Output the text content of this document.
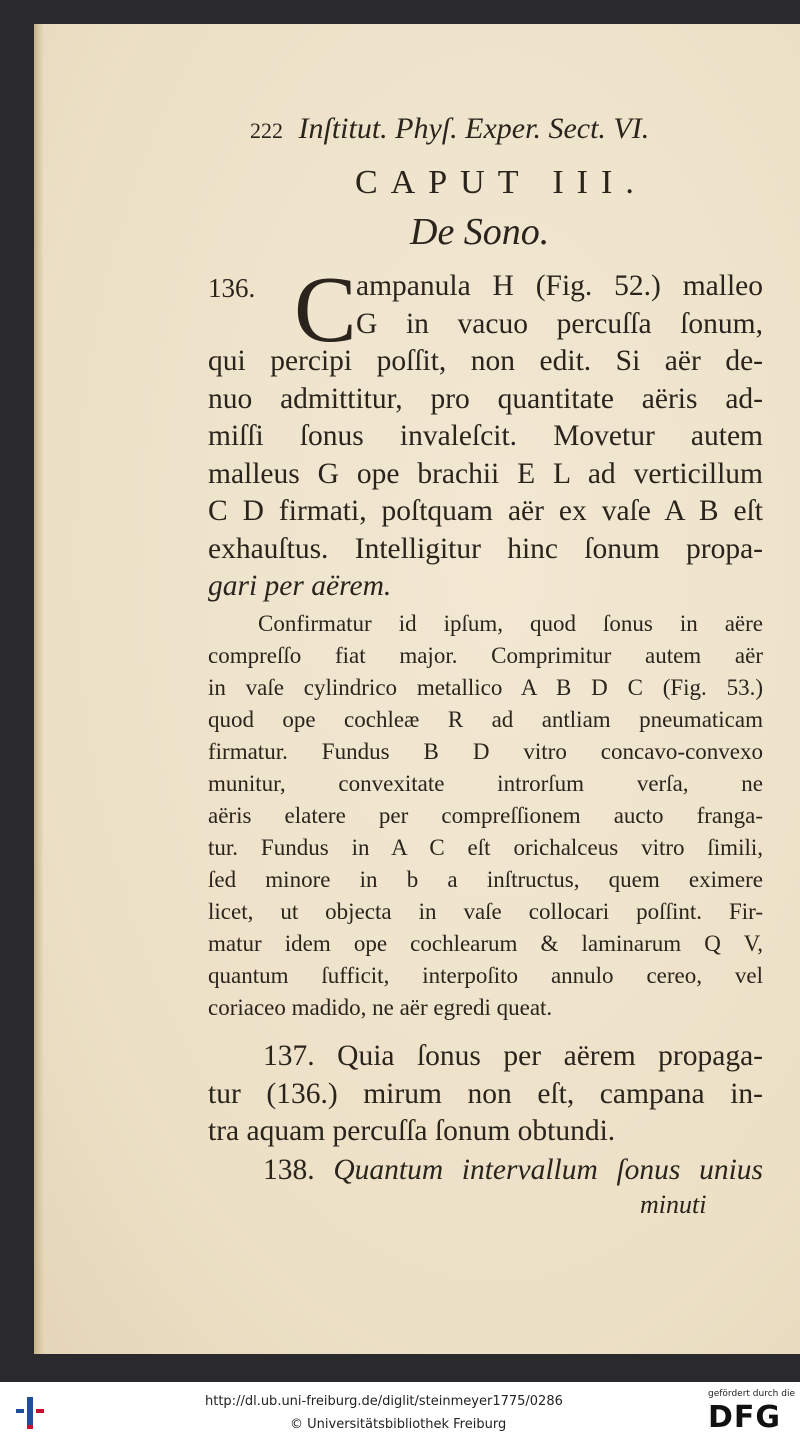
222 Inſtitut. Phyſ. Exper. Sect. VI.
CAPUT III.
De Sono.
136. C ampanula H (Fig. 52.) malleo
G in vacuo percuſſa ſonum,
qui percipi poſſit, non edit. Si aër de-
nuo admittitur, pro quantitate aëris ad-
miſſi ſonus invaleſcit. Movetur autem
malleus G ope brachii E L ad verticillum
C D firmati, poſtquam aër ex vaſe A B eſt
exhauſtus. Intelligitur hinc ſonum propa-
gari per aërem.
Confirmatur id ipſum, quod ſonus in aëre
compreſſo fiat major. Comprimitur autem aër
in vaſe cylindrico metallico A B D C (Fig. 53.)
quod ope cochleæ R ad antliam pneumaticam
firmatur. Fundus B D vitro concavo-convexo
munitur, convexitate introrſum verſa, ne
aëris elatere per compreſſionem aucto franga-
tur. Fundus in A C eſt orichalceus vitro ſimili,
ſed minore in b a inſtructus, quem eximere
licet, ut objecta in vaſe collocari poſſint. Fir-
matur idem ope cochlearum & laminarum Q V,
quantum ſufficit, interpoſito annulo cereo, vel
coriaceo madido, ne aër egredi queat.
137. Quia ſonus per aërem propaga-
tur (136.) mirum non eſt, campana in-
tra aquam percuſſa ſonum obtundi.
138. Quantum intervallum ſonus unius
minuti
http://dl.ub.uni-freiburg.de/diglit/steinmeyer1775/0286
© Universitätsbibliothek Freiburg
gefördert durch die
DFG
